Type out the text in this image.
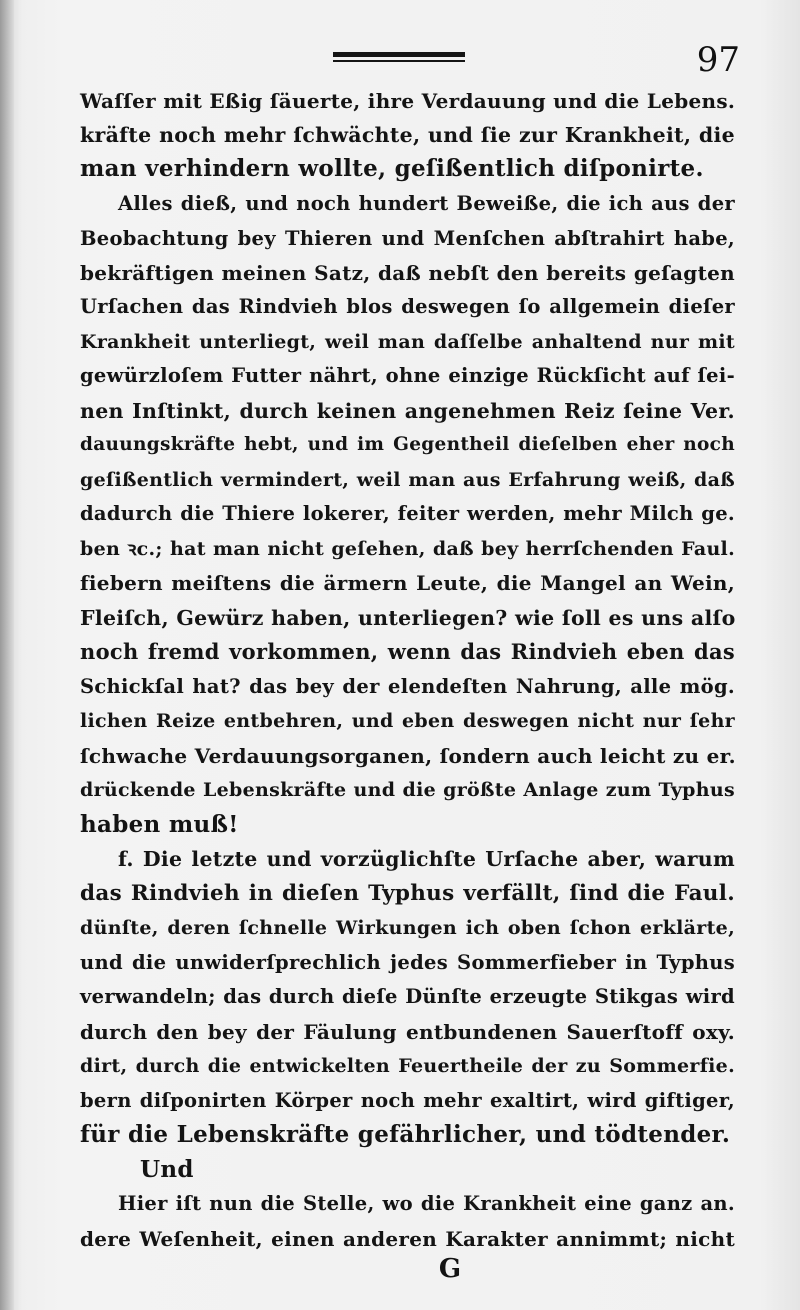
97
Waſſer mit Eßig ſäuerte, ihre Verdauung und die Lebens.
kräfte noch mehr ſchwächte, und ſie zur Krankheit, die
man verhindern wollte, geſißentlich diſponirte.
Alles dieß, und noch hundert Beweiße, die ich aus der
Beobachtung bey Thieren und Menſchen abſtrahirt habe,
bekräftigen meinen Satz, daß nebſt den bereits geſagten
Urſachen das Rindvieh blos deswegen ſo allgemein dieſer
Krankheit unterliegt, weil man daſſelbe anhaltend nur mit
gewürzloſem Futter nährt, ohne einzige Rückſicht auf ſei-
nen Inſtinkt, durch keinen angenehmen Reiz ſeine Ver.
dauungskräfte hebt, und im Gegentheil dieſelben eher noch
geſißentlich vermindert, weil man aus Erfahrung weiß, daß
dadurch die Thiere lokerer, feiter werden, mehr Milch ge.
ben ꝛc.; hat man nicht geſehen, daß bey herrſchenden Faul.
fiebern meiſtens die ärmern Leute, die Mangel an Wein,
Fleiſch, Gewürz haben, unterliegen? wie ſoll es uns alſo
noch fremd vorkommen, wenn das Rindvieh eben das
Schickſal hat? das bey der elendeſten Nahrung, alle mög.
lichen Reize entbehren, und eben deswegen nicht nur ſehr
ſchwache Verdauungsorganen, ſondern auch leicht zu er.
drückende Lebenskräfte und die größte Anlage zum Typhus
haben muß!
f. Die letzte und vorzüglichſte Urſache aber, warum
das Rindvieh in dieſen Typhus verfällt, ſind die Faul.
dünſte, deren ſchnelle Wirkungen ich oben ſchon erklärte,
und die unwiderſprechlich jedes Sommerfieber in Typhus
verwandeln; das durch dieſe Dünſte erzeugte Stikgas wird
durch den bey der Fäulung entbundenen Sauerſtoff oxy.
dirt, durch die entwickelten Feuertheile der zu Sommerfie.
bern diſponirten Körper noch mehr exaltirt, wird giftiger,
für die Lebenskräfte gefährlicher, und tödtender.
Und
Hier iſt nun die Stelle, wo die Krankheit eine ganz an.
dere Weſenheit, einen anderen Karakter annimmt; nicht
G
